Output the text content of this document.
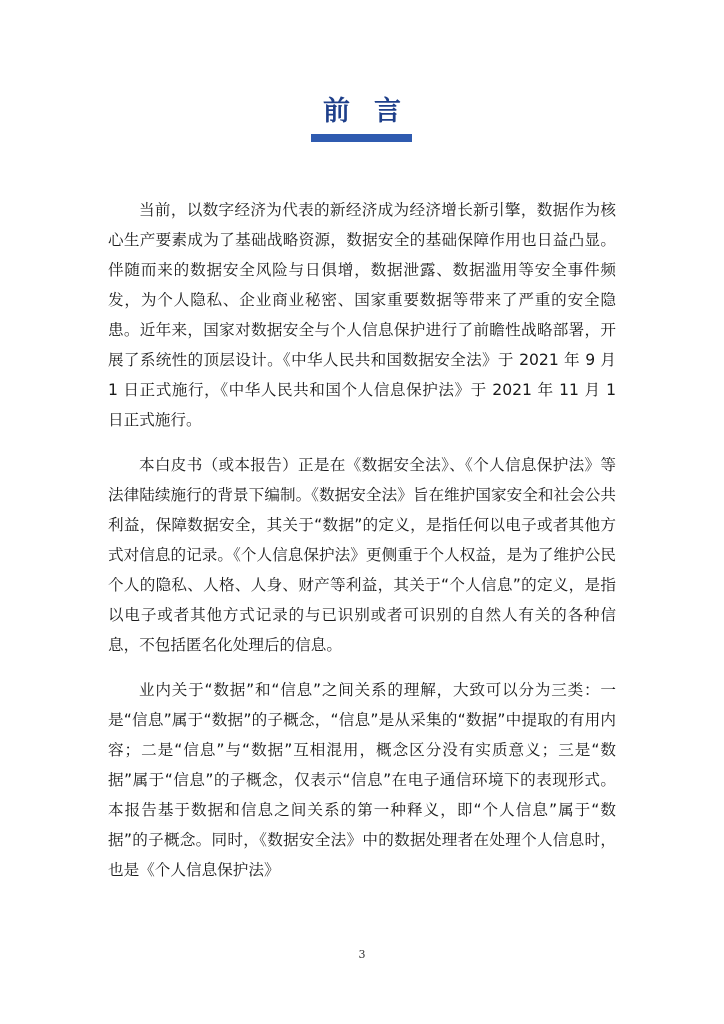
前言

当前，以数字经济为代表的新经济成为经济增长新引擎，数据作为核心生产要素成为了基础战略资源，数据安全的基础保障作用也日益凸显。伴随而来的数据安全风险与日俱增，数据泄露、数据滥用等安全事件频发，为个人隐私、企业商业秘密、国家重要数据等带来了严重的安全隐患。近年来，国家对数据安全与个人信息保护进行了前瞻性战略部署，开展了系统性的顶层设计。《中华人民共和国数据安全法》于 2021 年 9 月 1 日正式施行，《中华人民共和国个人信息保护法》于 2021 年 11 月 1 日正式施行。

本白皮书（或本报告）正是在《数据安全法》、《个人信息保护法》等法律陆续施行的背景下编制。《数据安全法》旨在维护国家安全和社会公共利益，保障数据安全，其关于“数据”的定义，是指任何以电子或者其他方式对信息的记录。《个人信息保护法》更侧重于个人权益，是为了维护公民个人的隐私、人格、人身、财产等利益，其关于“个人信息”的定义，是指以电子或者其他方式记录的与已识别或者可识别的自然人有关的各种信息，不包括匿名化处理后的信息。

业内关于“数据”和“信息”之间关系的理解，大致可以分为三类：一是“信息”属于“数据”的子概念，“信息”是从采集的“数据”中提取的有用内容；二是“信息”与“数据”互相混用，概念区分没有实质意义；三是“数据”属于“信息”的子概念，仅表示“信息”在电子通信环境下的表现形式。本报告基于数据和信息之间关系的第一种释义，即“个人信息”属于“数据”的子概念。同时，《数据安全法》中的数据处理者在处理个人信息时，也是《个人信息保护法》

3
